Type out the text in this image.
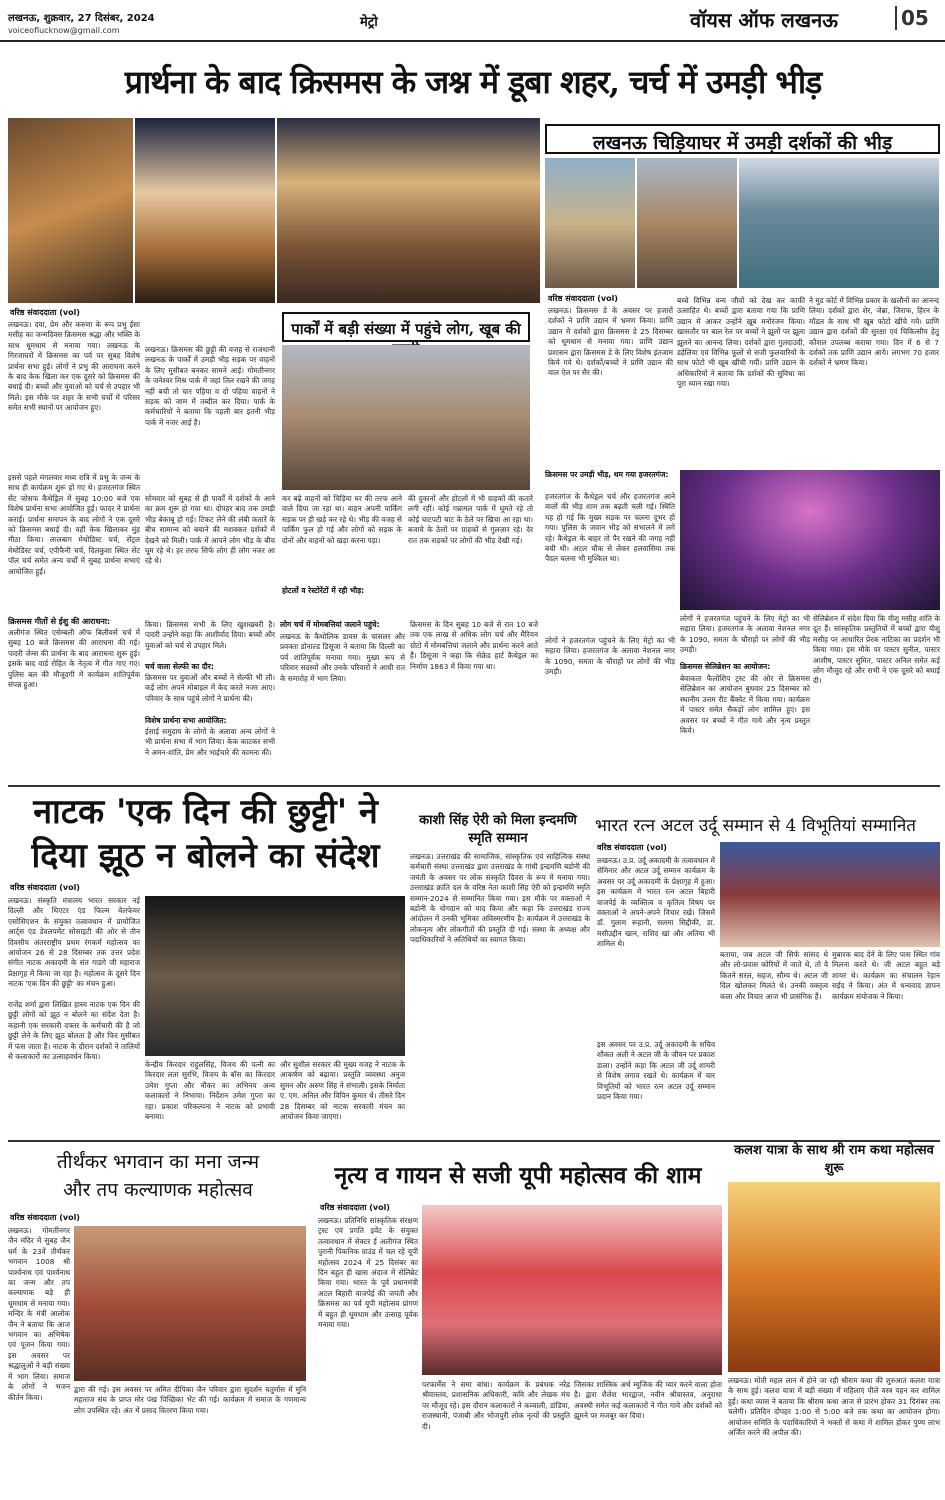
लखनऊ, शुक्रवार, 27 दिसंबर, 2024
voiceoflucknow@gmail.com
मेट्रो	वॉयस ऑफ लखनऊ	05
प्रार्थना के बाद क्रिसमस के जश्न में डूबा शहर, चर्च में उमड़ी भीड़
लखनऊ चिड़ियाघर में उमड़ी दर्शकों की भीड़
वरिष्ठ संवाददाता (vol)
लखनऊ। क्रिसमस डे के अवसर पर हजारों दर्शकों ने प्राणि उद्यान में भ्रमण किया। प्राणि उद्यान में दर्शकों द्वारा क्रिसमस डे 25 दिसम्बर को धूमधाम से मनाया गया। प्राणि उद्यान प्रशासन द्वारा क्रिसमस डे के लिए विशेष इंतजाम किये गये थे। दर्शकों/बच्चों ने प्राणि उद्यान की वाल ऐल पर सैर की।
बच्चे विभिन्न वन्य जीवों को देख कर काफी उत्साहित थे। बच्चों द्वारा बताया गया कि प्राणि उद्यान में आकर उन्होंने खूब मनोरंजन किया। खासतौर पर बाल रेल पर बच्चों ने झूलों पर झूला झूलने का आनन्द लिया। दर्शकों द्वारा गुलदाउदी, डहेलिया एवं विभिन्न फूलों से सजी फुलवारियों के साथ फोटो भी खूब खींची गयीं। प्राणि उद्यान के अधिकारियों ने बताया कि दर्शकों की सुविधा का पूरा ध्यान रखा गया।
ने मुड कोर्ट में विभिन्न प्रकार के खलौनों का आनन्द लिया। दर्शकों द्वारा शेर, जेब्रा, जिराफ, हिरन के मॉडल के साथ भी खूब फोटो खींचे गये। प्राणि उद्यान द्वारा दर्शकों की सुरक्षा एवं चिकित्सीय हेतु कौशल उपलब्ध कराया गया। दिन में 6 से 7 दर्शकों तक प्राणि उद्यान आये। लगभग 70 हजार दर्शकों ने भ्रमण किया।
वरिष्ठ संवाददाता (vol)
लखनऊ। दया, प्रेम और करुणा के रूप प्रभु ईसा मसीह का जन्मदिवस क्रिसमस श्रद्धा और भक्ति के साथ धूमधाम से मनाया गया। लखनऊ के गिरजाघरों में क्रिसमस का पर्व पर सुबह विशेष प्रार्थना सभा हुई। लोगों ने प्रभु की आराधना करने के बाद केक खिला कर एक दूसरे को क्रिसमस की बधाई दी। बच्चों और युवाओं को चर्च से उपहार भी मिले। इस मौके पर शहर के सभी चर्चों में परिसर समेत सभी स्थानों पर आयोजन हुए।
इससे पहले मंगलवार मध्य रात्रि में प्रभु के जन्म के साथ ही कार्यक्रम शुरू हो गए थे। हजरतगंज स्थित सेंट जोसफ कैथेड्रिल में सुबह 10:00 बजे एक विशेष प्रार्थना सभा आयोजित हुई। फादर ने प्रार्थना कराई। प्रार्थना समापन के बाद लोगों ने एक दूसरे को क्रिसमस बधाई दी। वहीं केक खिलाकर मुंह मीठा किया। लालबाग मेथोडिस्ट चर्च, सेंट्रल मेथोडिस्ट चर्च, एपीफैनी चर्च, दिलकुशा स्थित सेंट पॉल चर्च समेत अन्य चर्चों में सुबह प्रार्थना सभाएं आयोजित हुईं।
क्रिसमस गीतों से ईशु की आराधना:
अलीगंज स्थित एसेम्बली ऑफ बिलीवर्स चर्च में सुबह 10 बजे क्रिसमस की आराधना की गई। पादरी जेम्स की प्रार्थना के बाद आराधना शुरू हुई। इसके बाद वार्ड रोहित के नेतृत्व में गीत गाए गए। पुलिस बल की मौजूदगी में कार्यक्रम शांतिपूर्वक संपन्न हुआ।
पार्कों में बड़ी संख्या में पहुंचे लोग, खूब की
लखनऊ। क्रिसमस की छुट्टी की वजह से राजधानी लखनऊ के पार्कों में उमड़ी भीड़ सड़क पर वाहनों के लिए मुसीबत बनकर सामने आई। गोमतीनगर के जनेश्वर मिश्र पार्क में जहां तिल रखने की जगह नहीं बची तो चार पहिया व दो पहिया वाहनों ने सड़क को जाम में तब्दील कर दिया। पार्क के कर्मचारियों ने बताया कि पहली बार इतनी भीड़ पार्क में नजर आई है।
सोमवार को सुबह से ही पार्कों में दर्शकों के आने का क्रम शुरू हो गया था। दोपहर बाद तक उमड़ी भीड़ बेकाबू हो गई। टिकट लेने की लंबी कतारें के बीच सामान्य को बचाने की मशक्कत दर्शकों में देखने को मिली। पार्क में आपने लोग भीड़ के बीच घूम रहे थे। हर तरफ सिर्फ लोग ही लोग नजर आ रहे थे।
कर बढ़े वाहनों को चिड़िया घर की तरफ आने वाले दिया जा रहा था। वाहन अपनी पार्किंग सड़क पर ही खड़े कर रहे थे। भीड़ की वजह से पार्किंग फुल हो गई और लोगों को सड़क के दोनों और वाहनों को खड़ा करना पड़ा।
होटलों व रेस्टोरेंटों में रही भीड़:
की दुकानों और होटलों में भी ग्राहकों की कतारें लगी रहीं। कोई गन्नामल पार्क में घूमते रहे तो कोई चाटपटी चाट के ठेले पर खिचा आ रहा था। बजाये के ठेलों पर ग्राहकों से गुलज़ार रहे। देर रात तक सड़कों पर लोगों की भीड़ देखी गई।
किया। क्रिसमस सभी के लिए खुशखबरी है। पादरी उन्होंने कहा कि आशीर्वाद दिया। बच्चों और युवाओं को चर्च से उपहार मिले।
चर्च वाला सेल्फी का दौर:
क्रिसमस पर युवाओं और बच्चों ने सेल्फी भी ली। कई लोग अपने मोबाइल में केद करते नजर आए। परिवार के साथ पहुंचे लोगों ने प्रार्थना की।
विशेष प्रार्थना सभा आयोजित:
ईसाई समुदाय के लोगों के अलावा अन्य लोगों ने भी प्रार्थना सभा में भाग लिया। केक काटकर सभी ने अमन-शांति, प्रेम और भाईचारे की कामना की।
लोग चर्च में मोमबत्तियां जलाने पहुंचे:
लखनऊ के कैथोलिक डायस के चांसलर और प्रवक्ता डोनाल्ड डिसूजा ने बताया कि दिल्ली का पर्व शांतिपूर्वक मनाया गया। मुख्य रूप से परिवार सदस्यों और उनके परिवारों ने आधी रात के समारोह में भाग लिया।
क्रिसमस के दिन सुबह 10 बजे से रात 10 बजे तक एक लाख से अधिक लोग चर्च और मैरियन ग्रोटो में मोमबत्तियां जलाने और प्रार्थना करने आते हैं। डिसूजा ने कहा कि सेक्रेड हार्ट कैथेड्रल का निर्माण 1863 में किया गया था।
क्रिसमस पर उमड़ी भीड़, थम गया हजरतगंज:
हजरतगंज के कैथेड्रल चर्च और हजरतगंज आने वालों की भीड़ शाम तक बढ़ती चली गई। स्थिति यह हो गई कि मुख्य सड़क पर चलना दूभर हो गया। पुलिस के जवान भीड़ को संभालने में लगे रहे। कैथेड्रल के बाहर तो पैर रखने की जगह नहीं बची थी। अटल चौक से लेकर हलवासिया तक पैदल चलना भी मुश्किल था।
लोगों ने हजरतगंज पहुंचने के लिए मेट्रो का भी सहारा लिया। हजरतगंज के अलावा नेशनल नगर के 1090, समता के चौराहों पर लोगों की भीड़ उमड़ी।
क्रिसमस सेलिब्रेशन का आयोजन:
बेवाकता फैलोशिप ट्रस्ट की ओर से क्रिसमस सेलिब्रेशन का आयोजन बुधवार 25 दिसम्बर को स्थानीय उत्तम रीट बैंक्वेट में किया गया। कार्यक्रम में पास्टर समेत सैकड़ों लोग शामिल हुए। इस अवसर पर बच्चों ने गीत गाये और नृत्य प्रस्तुत किये।
सेलिब्रेशन में संदेश दिया कि यीशु मसीह शांति के दूत हैं। सांस्कृतिक प्रस्तुतियों में बच्चों द्वारा यीशु मसीह पर आधारित प्रेरक नाटिका का प्रदर्शन भी किया गया। इस मौके पर पास्टर सुनील, पास्टर आशीष, पास्टर सुमित, पास्टर अनिल समेत कई लोग मौजूद रहे और सभी ने एक दूसरे को बधाई दी।
लोगों ने हजरतगंज पहुंचने के लिए मेट्रो का भी सहारा लिया। हजरतगंज के अलावा नेशनल नगर के 1090, समता के चौराहों पर लोगों की भीड़ उमड़ी।
नाटक 'एक दिन की छुट्टी' ने
दिया झूठ न बोलने का संदेश
वरिष्ठ संवाददाता (vol)
लखनऊ। संस्कृति मंत्रालय भारत सरकार नई दिल्ली और थिएटर एंड फिल्म वेलफेयर एसोसिएशन के संयुक्त तत्वावधान में प्रायोजित आर्ट्स एंड डेवलपमेंट सोसाइटी की ओर से तीन दिवसीय अंतरराष्ट्रीय प्रथम रंगकर्म महोत्सव का आयोजन 26 से 28 दिसम्बर तक उत्तर प्रदेश संगीत नाटक अकादमी के संत गाडगे जी महाराज प्रेक्षागृह में किया जा रहा है। महोत्सव के दूसरे दिन नाटक 'एक दिन की छुट्टी' का मंचन हुआ।
राजेंद्र शर्मा द्वारा लिखित हास्य नाटक एक दिन की छुट्टी लोगों को झूठ न बोलने का संदेश देता है। कहानी एक सरकारी दफ्तर के कर्मचारी की है जो छुट्टी लेने के लिए झूठ बोलता है और फिर मुसीबत में फंस जाता है। नाटक के दौरान दर्शकों ने तालियों से कलाकारों का उत्साहवर्धन किया।
केन्द्रीय किरदार राहुलसिंह, विजय की पत्नी का किरदार लता सुरभि, विजय के बॉस का किरदार उमेश गुप्ता और नौकर का अभिनय अन्य कलाकारों ने निभाया। निर्देशन उमेश गुप्ता का रहा। प्रकाश परिकल्पना ने नाटक को प्रभावी बनाया।
और सुशील सरकार की मुख्य वजह ने नाटक के आकर्षण को बढ़ाया। प्रस्तुति व्यवस्था अनुज सुमन और अरुण सिंह ने संभाली। इसके निर्माता ए. एम. अनिल और विपिन कुमार थे। तीसरे दिन 28 दिसम्बर को नाटक सरकारी मंचन का आयोजन किया जाएगा।
काशी सिंह ऐरी को मिला इन्दमणि स्मृति सम्मान
लखनऊ। उत्तराखंड की सामाजिक, सांस्कृतिक एवं साहित्यिक संस्था कर्मचारी संस्था उत्तराखंड द्वारा उत्तराखंड के गांधी इन्द्रमणि बडोनी की जयंती के अवसर पर लोक संस्कृति दिवस के रूप में मनाया गया। उत्तराखंड क्रांति दल के वरिष्ठ नेता काशी सिंह ऐरी को इन्द्रमणि स्मृति सम्मान-2024 से सम्मानित किया गया। इस मौके पर वक्ताओं ने बडोनी के योगदान को याद किया और कहा कि उत्तराखंड राज्य आंदोलन में उनकी भूमिका अविस्मरणीय है। कार्यक्रम में उत्तराखंड के लोकनृत्य और लोकगीतों की प्रस्तुति दी गई। संस्था के अध्यक्ष और पदाधिकारियों ने अतिथियों का स्वागत किया।
भारत रत्न अटल उर्दू सम्मान से 4 विभूतियां सम्मानित
वरिष्ठ संवाददाता (vol)
लखनऊ। उ.प्र. उर्दू अकादमी के तत्वावधान में सेमिनार और अटल उर्दू सम्मान कार्यक्रम के अवसर पर उर्दू अकादमी के प्रेक्षागृह में हुआ। इस कार्यक्रम में भारत रत्न अटल बिहारी वाजपेई के व्यक्तित्व व कृतित्व विषय पर वक्ताओं ने अपने-अपने विचार रखे। जिसमें डॉ. गुलाम रूहानी, सलमा सिद्दीकी, डा. मसीउद्दीन खान, राशिद खां और अतिया भी शामिल थे।
इस अवसर पर उ.प्र. उर्दू अकादमी के सचिव शौकत अली ने अटल जी के जीवन पर प्रकाश डाला। उन्होंने कहा कि अटल जी उर्दू शायरी से विशेष लगाव रखते थे। कार्यक्रम में चार विभूतियों को भारत रत्न अटल उर्दू सम्मान प्रदान किया गया।
बताया, जब अटल जी सिर्फ सांसद थे और लो-प्रवास कोरियों में जाते थे, तो वे कितने सरल, सहज, सौम्य थे। अटल जी दिल खोलकर मिलते थे। उनकी वक्तृत्व कला और विचार आज भी प्रासंगिक हैं।
मुबारक बाद देने के लिए पास स्थित गांव मिलना करते थे। जी अटल बहुत बड़े शायर थे। कार्यक्रम का संचालन रेहान सईद ने किया। अंत में धन्यवाद ज्ञापन कार्यक्रम संयोजक ने किया।
तीर्थंकर भगवान का मना जन्म
और तप कल्याणक महोत्सव
वरिष्ठ संवाददाता (vol)
लखनऊ। गोमतीनगर जैन मंदिर में सुबह जैन धर्म के 23वें तीर्थंकर भगवान 1008 श्री पार्श्वनाथ एवं पार्श्वनाथ का जन्म और तप कल्याणक बड़े ही धूमधाम से मनाया गया। मन्दिर के मंत्री आलोक जैन ने बताया कि आज भगवान का अभिषेक एवं पूजन किया गया। इस अवसर पर श्रद्धालुओं ने बड़ी संख्या में भाग लिया। समाज के लोगों ने भजन कीर्तन किया।
द्वारा की गई। इस अवसर पर अमित दीपिका जैन परिवार द्वारा सुदर्शन चतुर्मास में मुनि महाराज संघ के प्राप्त मोर पंख पिच्छिका भेंट की गई। कार्यक्रम में समाज के गणमान्य लोग उपस्थित रहे। अंत में प्रसाद वितरण किया गया।
नृत्य व गायन से सजी यूपी महोत्सव की शाम
वरिष्ठ संवाददाता (vol)
लखनऊ। प्रतिनिधि सांस्कृतिक संरक्षण ट्रस्ट एवं प्रगति इवेंट के संयुक्त तत्वावधान में सेक्टर ई अलीगंज स्थित पुरानी पिकनिक ग्राउंड में चल रहे यूपी महोत्सव 2024 में 25 दिसंबर का दिन बहुत ही खास अंदाज में सेलिब्रेट किया गया। भारत के पूर्व प्रधानमंत्री अटल बिहारी वाजपेई की जयंती और क्रिसमस का पर्व यूपी महोत्सव प्रांगण में बहुत ही धूमधाम और उत्साह पूर्वक मनाया गया।
परफार्मेंस ने समा बांधा। कार्यक्रम के प्रबंधक नरेंद्र श्रीवास्तव, प्रशासनिक अधिकारी, कवि और लेखक मंच पर मौजूद रहे। इस दौरान कलाकारों ने कव्वाली, डांडिया, राजस्थानी, पंजाबी और भोजपुरी लोक नृत्यों की प्रस्तुति दी।
जिसका शास्त्रिक अर्थ म्यूजिक की प्यार करने वाला होता है। द्वारा शैलेश भारद्वाज, नवीन श्रीवास्तव, अनुराधा अवस्थी समेत कई कलाकारों ने गीत गाये और दर्शकों को झूमने पर मजबूर कर दिया।
कलश यात्रा के साथ श्री राम कथा महोत्सव शुरू
लखनऊ। मोती महल लान में होने जा रही श्रीराम कथा की शुरुआत कलश यात्रा के साथ हुई। कलश यात्रा में बड़ी संख्या में महिलाएं पीले वस्त्र पहन कर शामिल हुईं। कथा व्यास ने बताया कि श्रीराम कथा आज से प्रारंभ होकर 31 दिसंबर तक चलेगी। प्रतिदिन दोपहर 1:00 से 5:00 बजे तक कथा का आयोजन होगा। आयोजन समिति के पदाधिकारियों ने भक्तों से कथा में शामिल होकर पुण्य लाभ अर्जित करने की अपील की।
